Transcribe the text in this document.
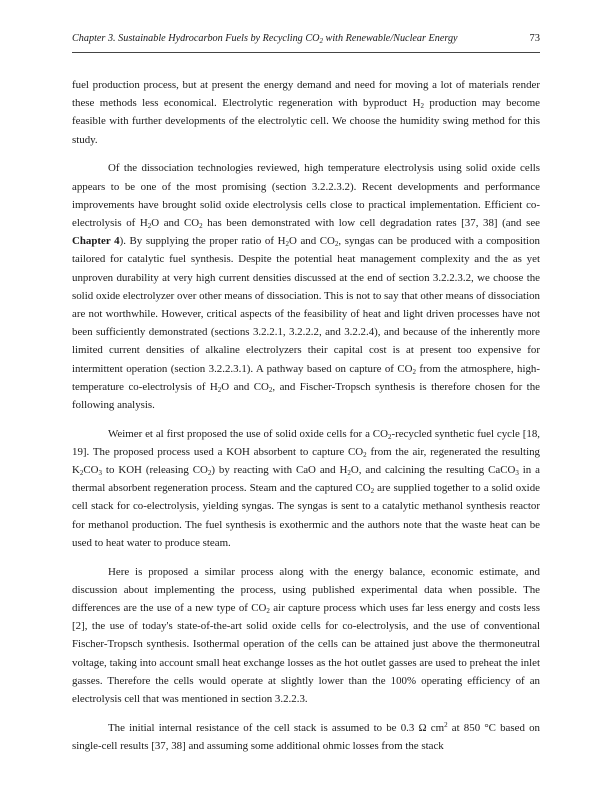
Chapter 3. Sustainable Hydrocarbon Fuels by Recycling $CO_2$ with Renewable/Nuclear Energy	73

fuel production process, but at present the energy demand and need for moving a lot of materials render these methods less economical. Electrolytic regeneration with byproduct $H_2$ production may become feasible with further developments of the electrolytic cell. We choose the humidity swing method for this study.

Of the dissociation technologies reviewed, high temperature electrolysis using solid oxide cells appears to be one of the most promising (section 3.2.2.3.2). Recent developments and performance improvements have brought solid oxide electrolysis cells close to practical implementation. Efficient co-electrolysis of $H_2O$ and $CO_2$ has been demonstrated with low cell degradation rates [37, 38] (and see Chapter 4). By supplying the proper ratio of $H_2O$ and $CO_2$, syngas can be produced with a composition tailored for catalytic fuel synthesis. Despite the potential heat management complexity and the as yet unproven durability at very high current densities discussed at the end of section 3.2.2.3.2, we choose the solid oxide electrolyzer over other means of dissociation. This is not to say that other means of dissociation are not worthwhile. However, critical aspects of the feasibility of heat and light driven processes have not been sufficiently demonstrated (sections 3.2.2.1, 3.2.2.2, and 3.2.2.4), and because of the inherently more limited current densities of alkaline electrolyzers their capital cost is at present too expensive for intermittent operation (section 3.2.2.3.1). A pathway based on capture of $CO_2$ from the atmosphere, high-temperature co-electrolysis of $H_2O$ and $CO_2$, and Fischer-Tropsch synthesis is therefore chosen for the following analysis.

Weimer et al first proposed the use of solid oxide cells for a $CO_2$-recycled synthetic fuel cycle [18, 19]. The proposed process used a KOH absorbent to capture $CO_2$ from the air, regenerated the resulting $K_2CO_3$ to KOH (releasing $CO_2$) by reacting with CaO and $H_2O$, and calcining the resulting CaCO$_3$ in a thermal absorbent regeneration process. Steam and the captured $CO_2$ are supplied together to a solid oxide cell stack for co-electrolysis, yielding syngas. The syngas is sent to a catalytic methanol synthesis reactor for methanol production. The fuel synthesis is exothermic and the authors note that the waste heat can be used to heat water to produce steam.

Here is proposed a similar process along with the energy balance, economic estimate, and discussion about implementing the process, using published experimental data when possible. The differences are the use of a new type of $CO_2$ air capture process which uses far less energy and costs less [2], the use of today's state-of-the-art solid oxide cells for co-electrolysis, and the use of conventional Fischer-Tropsch synthesis. Isothermal operation of the cells can be attained just above the thermoneutral voltage, taking into account small heat exchange losses as the hot outlet gasses are used to preheat the inlet gasses. Therefore the cells would operate at slightly lower than the 100% operating efficiency of an electrolysis cell that was mentioned in section 3.2.2.3.

The initial internal resistance of the cell stack is assumed to be 0.3 Ω $cm^2$ at 850 °C based on single-cell results [37, 38] and assuming some additional ohmic losses from the stack
